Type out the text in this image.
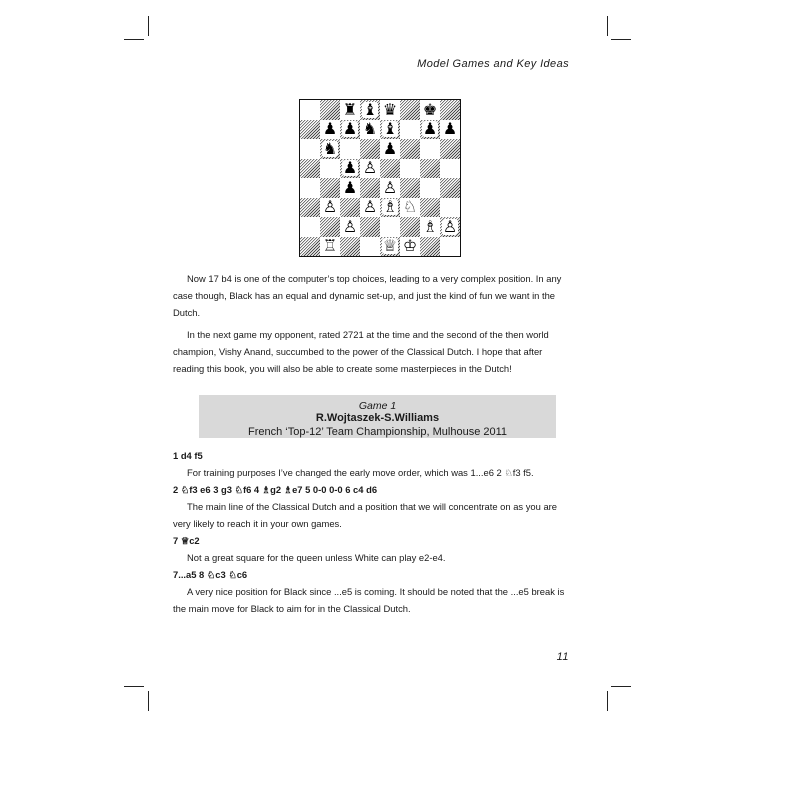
Model Games and Key Ideas
♜ ♝ ♛ ♚
♟ ♟ ♞ ♝ ♟ ♟
♞	♟
♟ ♙
♟ ♙
♙ ♙ ♗ ♘
♙	♗ ♙
♖	♕ ♔

Now 17 b4 is one of the computer’s top choices, leading to a very complex position. In any case though, Black has an equal and dynamic set-up, and just the kind of fun we want in the Dutch.

In the next game my opponent, rated 2721 at the time and the second of the then world champion, Vishy Anand, succumbed to the power of the Classical Dutch. I hope that after reading this book, you will also be able to create some masterpieces in the Dutch!

Game 1
R.Wojtaszek-S.Williams
French ‘Top-12’ Team Championship, Mulhouse 2011

1 d4 f5

For training purposes I’ve changed the early move order, which was 1...e6 2 ♘f3 f5.

2 ♘f3 e6 3 g3 ♘f6 4 ♗g2 ♗e7 5 0-0 0-0 6 c4 d6

The main line of the Classical Dutch and a position that we will concentrate on as you are very likely to reach it in your own games.

7 ♕c2

Not a great square for the queen unless White can play e2-e4.

7...a5 8 ♘c3 ♘c6

A very nice position for Black since ...e5 is coming. It should be noted that the ...e5 break is the main move for Black to aim for in the Classical Dutch.

11
